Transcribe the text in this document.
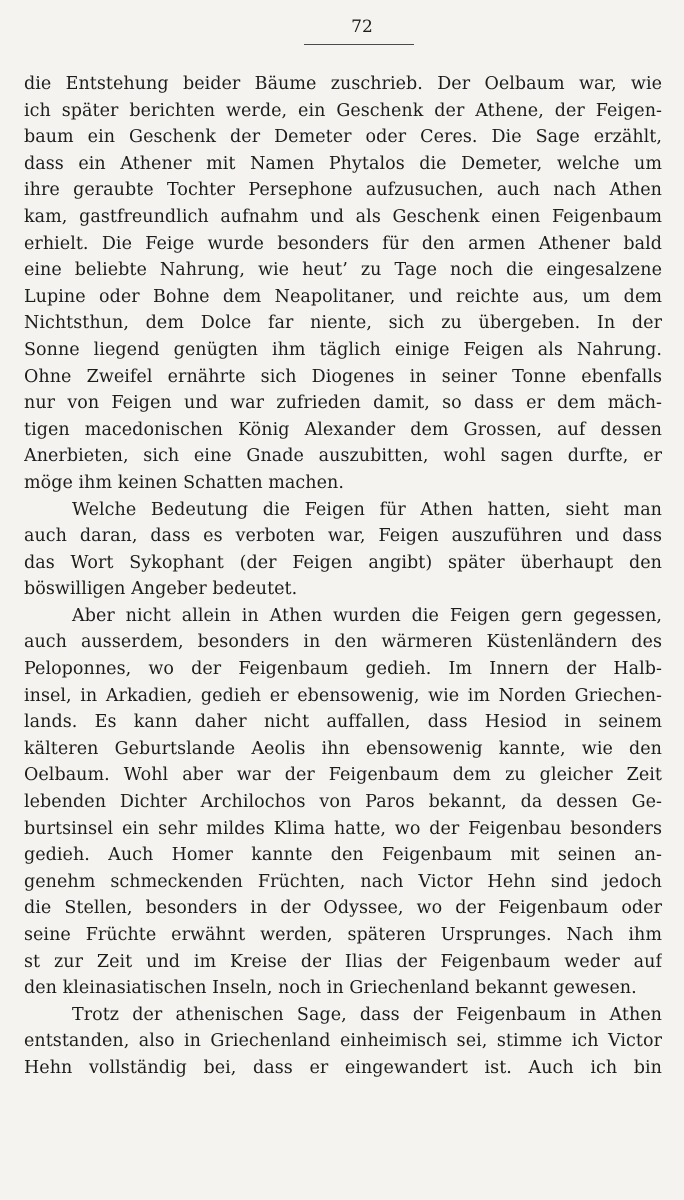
72
die Entstehung beider Bäume zuschrieb. Der Oelbaum war, wie
ich später berichten werde, ein Geschenk der Athene, der Feigen-
baum ein Geschenk der Demeter oder Ceres. Die Sage erzählt,
dass ein Athener mit Namen Phytalos die Demeter, welche um
ihre geraubte Tochter Persephone aufzusuchen, auch nach Athen
kam, gastfreundlich aufnahm und als Geschenk einen Feigenbaum
erhielt. Die Feige wurde besonders für den armen Athener bald
eine beliebte Nahrung, wie heut’ zu Tage noch die eingesalzene
Lupine oder Bohne dem Neapolitaner, und reichte aus, um dem
Nichtsthun, dem Dolce far niente, sich zu übergeben. In der
Sonne liegend genügten ihm täglich einige Feigen als Nahrung.
Ohne Zweifel ernährte sich Diogenes in seiner Tonne ebenfalls
nur von Feigen und war zufrieden damit, so dass er dem mäch-
tigen macedonischen König Alexander dem Grossen, auf dessen
Anerbieten, sich eine Gnade auszubitten, wohl sagen durfte, er
möge ihm keinen Schatten machen.
Welche Bedeutung die Feigen für Athen hatten, sieht man
auch daran, dass es verboten war, Feigen auszuführen und dass
das Wort Sykophant (der Feigen angibt) später überhaupt den
böswilligen Angeber bedeutet.
Aber nicht allein in Athen wurden die Feigen gern gegessen,
auch ausserdem, besonders in den wärmeren Küstenländern des
Peloponnes, wo der Feigenbaum gedieh. Im Innern der Halb-
insel, in Arkadien, gedieh er ebensowenig, wie im Norden Griechen-
lands. Es kann daher nicht auffallen, dass Hesiod in seinem
kälteren Geburtslande Aeolis ihn ebensowenig kannte, wie den
Oelbaum. Wohl aber war der Feigenbaum dem zu gleicher Zeit
lebenden Dichter Archilochos von Paros bekannt, da dessen Ge-
burtsinsel ein sehr mildes Klima hatte, wo der Feigenbau besonders
gedieh. Auch Homer kannte den Feigenbaum mit seinen an-
genehm schmeckenden Früchten, nach Victor Hehn sind jedoch
die Stellen, besonders in der Odyssee, wo der Feigenbaum oder
seine Früchte erwähnt werden, späteren Ursprunges. Nach ihm
st zur Zeit und im Kreise der Ilias der Feigenbaum weder auf
den kleinasiatischen Inseln, noch in Griechenland bekannt gewesen.
Trotz der athenischen Sage, dass der Feigenbaum in Athen
entstanden, also in Griechenland einheimisch sei, stimme ich Victor
Hehn vollständig bei, dass er eingewandert ist. Auch ich bin
